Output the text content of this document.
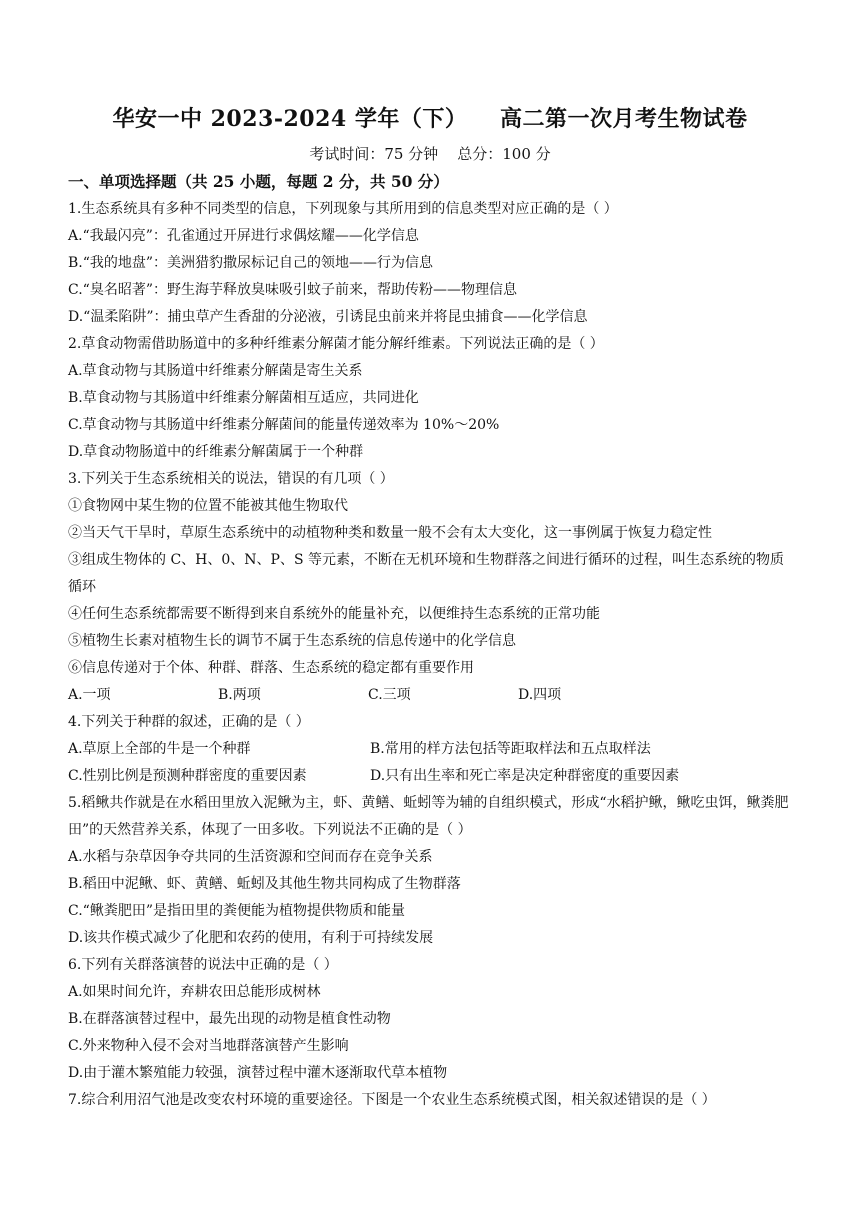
华安一中 2023-2024 学年（下）    高二第一次月考生物试卷
考试时间：75 分钟    总分：100 分
一、单项选择题（共 25 小题，每题 2 分，共 50 分）
1.生态系统具有多种不同类型的信息，下列现象与其所用到的信息类型对应正确的是（ ）
A.“我最闪亮”：孔雀通过开屏进行求偶炫耀——化学信息
B.“我的地盘”：美洲猎豹撒尿标记自己的领地——行为信息
C.“臭名昭著”：野生海芋释放臭味吸引蚊子前来，帮助传粉——物理信息
D.“温柔陷阱”：捕虫草产生香甜的分泌液，引诱昆虫前来并将昆虫捕食——化学信息
2.草食动物需借助肠道中的多种纤维素分解菌才能分解纤维素。下列说法正确的是（ ）
A.草食动物与其肠道中纤维素分解菌是寄生关系
B.草食动物与其肠道中纤维素分解菌相互适应，共同进化
C.草食动物与其肠道中纤维素分解菌间的能量传递效率为 10%～20%
D.草食动物肠道中的纤维素分解菌属于一个种群
3.下列关于生态系统相关的说法，错误的有几项（ ）
①食物网中某生物的位置不能被其他生物取代
②当天气干旱时，草原生态系统中的动植物种类和数量一般不会有太大变化，这一事例属于恢复力稳定性
③组成生物体的 C、H、0、N、P、S 等元素，不断在无机环境和生物群落之间进行循环的过程，叫生态系统的物质循环
④任何生态系统都需要不断得到来自系统外的能量补充，以便维持生态系统的正常功能
⑤植物生长素对植物生长的调节不属于生态系统的信息传递中的化学信息
⑥信息传递对于个体、种群、群落、生态系统的稳定都有重要作用
A.一项	B.两项	C.三项	D.四项
4.下列关于种群的叙述，正确的是（ ）
A.草原上全部的牛是一个种群	B.常用的样方法包括等距取样法和五点取样法
C.性别比例是预测种群密度的重要因素	D.只有出生率和死亡率是决定种群密度的重要因素
5.稻鳅共作就是在水稻田里放入泥鳅为主，虾、黄鳝、蚯蚓等为辅的自组织模式，形成“水稻护鳅，鳅吃虫饵，鳅粪肥田”的天然营养关系，体现了一田多收。下列说法不正确的是（ ）
A.水稻与杂草因争夺共同的生活资源和空间而存在竞争关系
B.稻田中泥鳅、虾、黄鳝、蚯蚓及其他生物共同构成了生物群落
C.“鳅粪肥田”是指田里的粪便能为植物提供物质和能量
D.该共作模式减少了化肥和农药的使用，有利于可持续发展
6.下列有关群落演替的说法中正确的是（ ）
A.如果时间允许，弃耕农田总能形成树林
B.在群落演替过程中，最先出现的动物是植食性动物
C.外来物种入侵不会对当地群落演替产生影响
D.由于灌木繁殖能力较强，演替过程中灌木逐渐取代草本植物
7.综合利用沼气池是改变农村环境的重要途径。下图是一个农业生态系统模式图，相关叙述错误的是（ ）
